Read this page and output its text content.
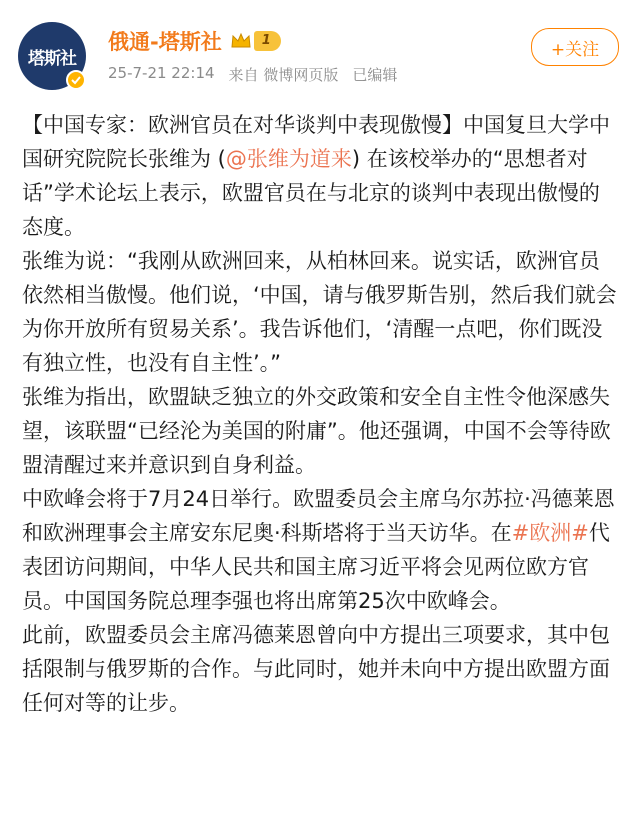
塔斯社
俄通-塔斯社	1
25-7-21 22:14 来自 微博网页版 已编辑
+关注

【中国专家：欧洲官员在对华谈判中表现傲慢】中国复旦大学中国研究院院长张维为 (@张维为道来) 在该校举办的“思想者对话”学术论坛上表示，欧盟官员在与北京的谈判中表现出傲慢的态度。

张维为说：“我刚从欧洲回来，从柏林回来。说实话，欧洲官员依然相当傲慢。他们说，‘中国，请与俄罗斯告别，然后我们就会为你开放所有贸易关系’。我告诉他们，‘清醒一点吧，你们既没有独立性，也没有自主性’。”

张维为指出，欧盟缺乏独立的外交政策和安全自主性令他深感失望，该联盟“已经沦为美国的附庸”。他还强调，中国不会等待欧盟清醒过来并意识到自身利益。

中欧峰会将于7月24日举行。欧盟委员会主席乌尔苏拉·冯德莱恩和欧洲理事会主席安东尼奥·科斯塔将于当天访华。在#欧洲#代表团访问期间，中华人民共和国主席习近平将会见两位欧方官员。中国国务院总理李强也将出席第25次中欧峰会。

此前，欧盟委员会主席冯德莱恩曾向中方提出三项要求，其中包括限制与俄罗斯的合作。与此同时，她并未向中方提出欧盟方面任何对等的让步。
